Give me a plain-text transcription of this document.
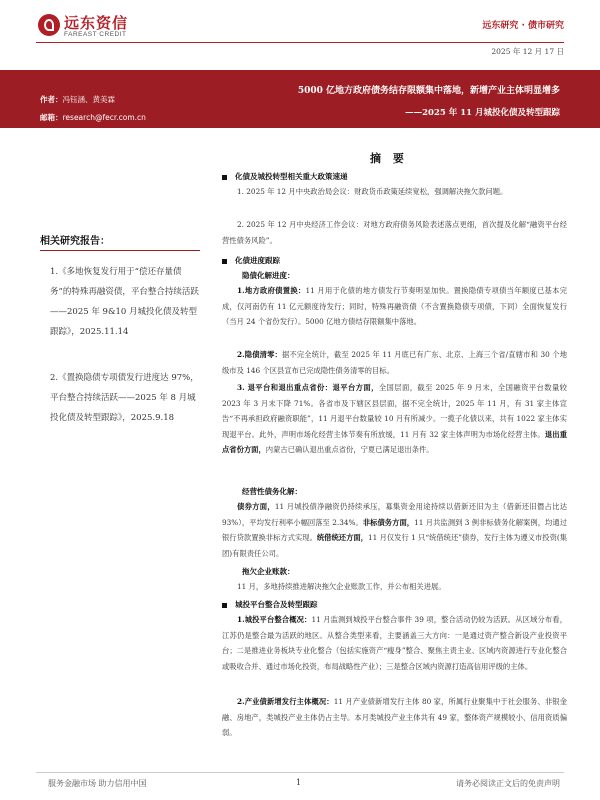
远东资信
FAREAST CREDIT
远东研究 · 债市研究
2025 年 12 月 17 日
5000 亿地方政府债务结存限额集中落地，新增产业主体明显增多
——2025 年 11 月城投化债及转型跟踪
作者：冯钰涵、黄美霖
邮箱：research@fecr.com.cn
相关研究报告：
1.《多地恢复发行用于“偿还存量债务”的特殊再融资债，平台整合持续活跃——2025 年 9&10 月城投化债及转型跟踪》，2025.11.14
2.《置换隐债专项债发行进度达 97%，平台整合持续活跃——2025 年 8 月城投化债及转型跟踪》，2025.9.18
摘 要
化债及城投转型相关重大政策速递
1. 2025 年 12 月中央政治局会议：财政货币政策延续宽松，强调解决拖欠款问题。
2. 2025 年 12 月中央经济工作会议：对地方政府债务风险表述落点更细，首次提及化解“融资平台经营性债务风险”。
化债进度跟踪
隐债化解进度：
1.地方政府债置换：11 月用于化债的地方债发行节奏明显加快。置换隐债专项债当年额度已基本完成，仅河南仍有 11 亿元额度待发行；同时，特殊再融资债（不含置换隐债专项债，下同）全面恢复发行（当月 24 个省份发行）。5000 亿地方债结存限额集中落地。
2.隐债清零：据不完全统计，截至 2025 年 11 月底已有广东、北京、上海三个省/直辖市和 30 个地级市及 146 个区县宣布已完成隐性债务清零的目标。
3. 退平台和退出重点省份：退平台方面，全国层面，截至 2025 年 9 月末，全国融资平台数量较 2023 年 3 月末下降 71%。各省市及下辖区县层面，据不完全统计，2025 年 11 月，有 31 家主体宣告“不再承担政府融资职能”，11 月退平台数量较 10 月有所减少。一揽子化债以来，共有 1022 家主体实现退平台。此外，声明市场化经营主体节奏有所放缓，11 月有 32 家主体声明为市场化经营主体。退出重点省份方面，内蒙古已确认退出重点省份，宁夏已满足退出条件。
经营性债务化解：
债券方面，11 月城投债净融资仍持续承压，募集资金用途持续以借新还旧为主（借新还旧僭占比达 93%），平均发行利率小幅回落至 2.34%。非标债务方面，11 月共监测到 3 例非标债务化解案例，均通过银行贷款置换非标方式实现。统借统还方面，11 月仅发行 1 只“统借统还”债券，发行主体为遵义市投资(集团)有限责任公司。
拖欠企业账款：
11 月，多地持续推进解决拖欠企业账款工作，并公布相关进展。
城投平台整合及转型跟踪
1.城投平台整合概况：11 月监测到城投平台整合事件 39 项，整合活动仍较为活跃。从区域分布看，江苏仍是整合最为活跃的地区。从整合类型来看，主要涵盖三大方向：一是通过资产整合新设产业投资平台；二是推进业务板块专业化整合（包括实施资产“瘦身”整合、聚焦主责主业、区域内资源进行专业化整合或吸收合并、通过市场化投资，布局战略性产业）；三是整合区域内资源打造高信用评级的主体。
2.产业债新增发行主体概况：11 月产业债新增发行主体 80 家，所属行业聚集中于社会服务、非银金融、房地产，类城投产业主体仍占主导。本月类城投产业主体共有 49 家，整体资产规模较小、信用资质偏弱。
服务金融市场 助力信用中国	1	请务必阅读正文后的免责声明
